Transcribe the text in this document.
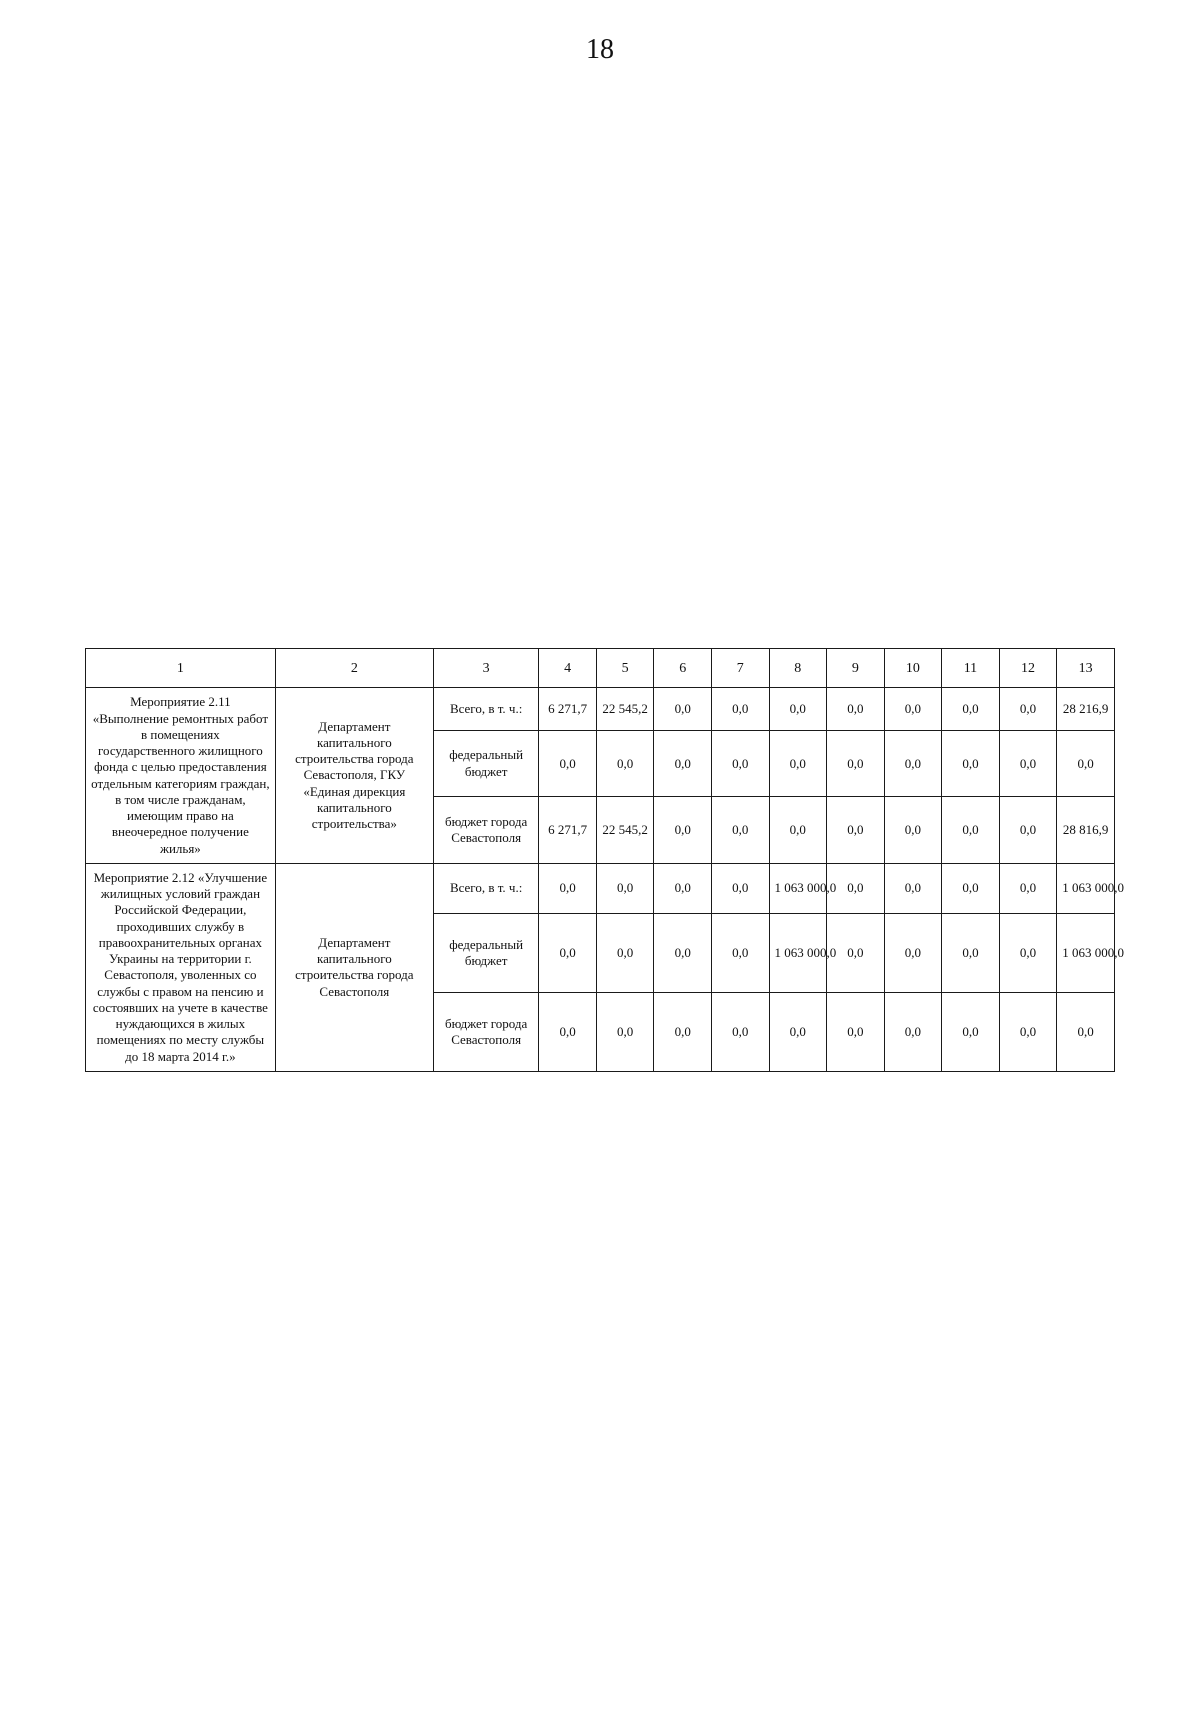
18
1	2	3	4	5	6	7	8	9	10	11	12	13
Мероприятие 2.11 «Выполнение ремонтных работ в помещениях государственного жилищного фонда с целью предоставления отдельным категориям граждан, в том числе гражданам, имеющим право на внеочередное получение жилья»	Департамент капитального строительства города Севастополя, ГКУ «Единая дирекция капитального строительства»	Всего, в т. ч.:	6 271,7	22 545,2	0,0	0,0	0,0	0,0	0,0	0,0	0,0	28 216,9
		федеральный бюджет	0,0	0,0	0,0	0,0	0,0	0,0	0,0	0,0	0,0	0,0
		бюджет города Севастополя	6 271,7	22 545,2	0,0	0,0	0,0	0,0	0,0	0,0	0,0	28 816,9
Мероприятие 2.12 «Улучшение жилищных условий граждан Российской Федерации, проходивших службу в правоохранительных органах Украины на территории г. Севастополя, уволенных со службы с правом на пенсию и состоявших на учете в качестве нуждающихся в жилых помещениях по месту службы до 18 марта 2014 г.»	Департамент капитального строительства города Севастополя	Всего, в т. ч.:	0,0	0,0	0,0	0,0	1 063 000,0	0,0	0,0	0,0	0,0	1 063 000,0
		федеральный бюджет	0,0	0,0	0,0	0,0	1 063 000,0	0,0	0,0	0,0	0,0	1 063 000,0
		бюджет города Севастополя	0,0	0,0	0,0	0,0	0,0	0,0	0,0	0,0	0,0	0,0
